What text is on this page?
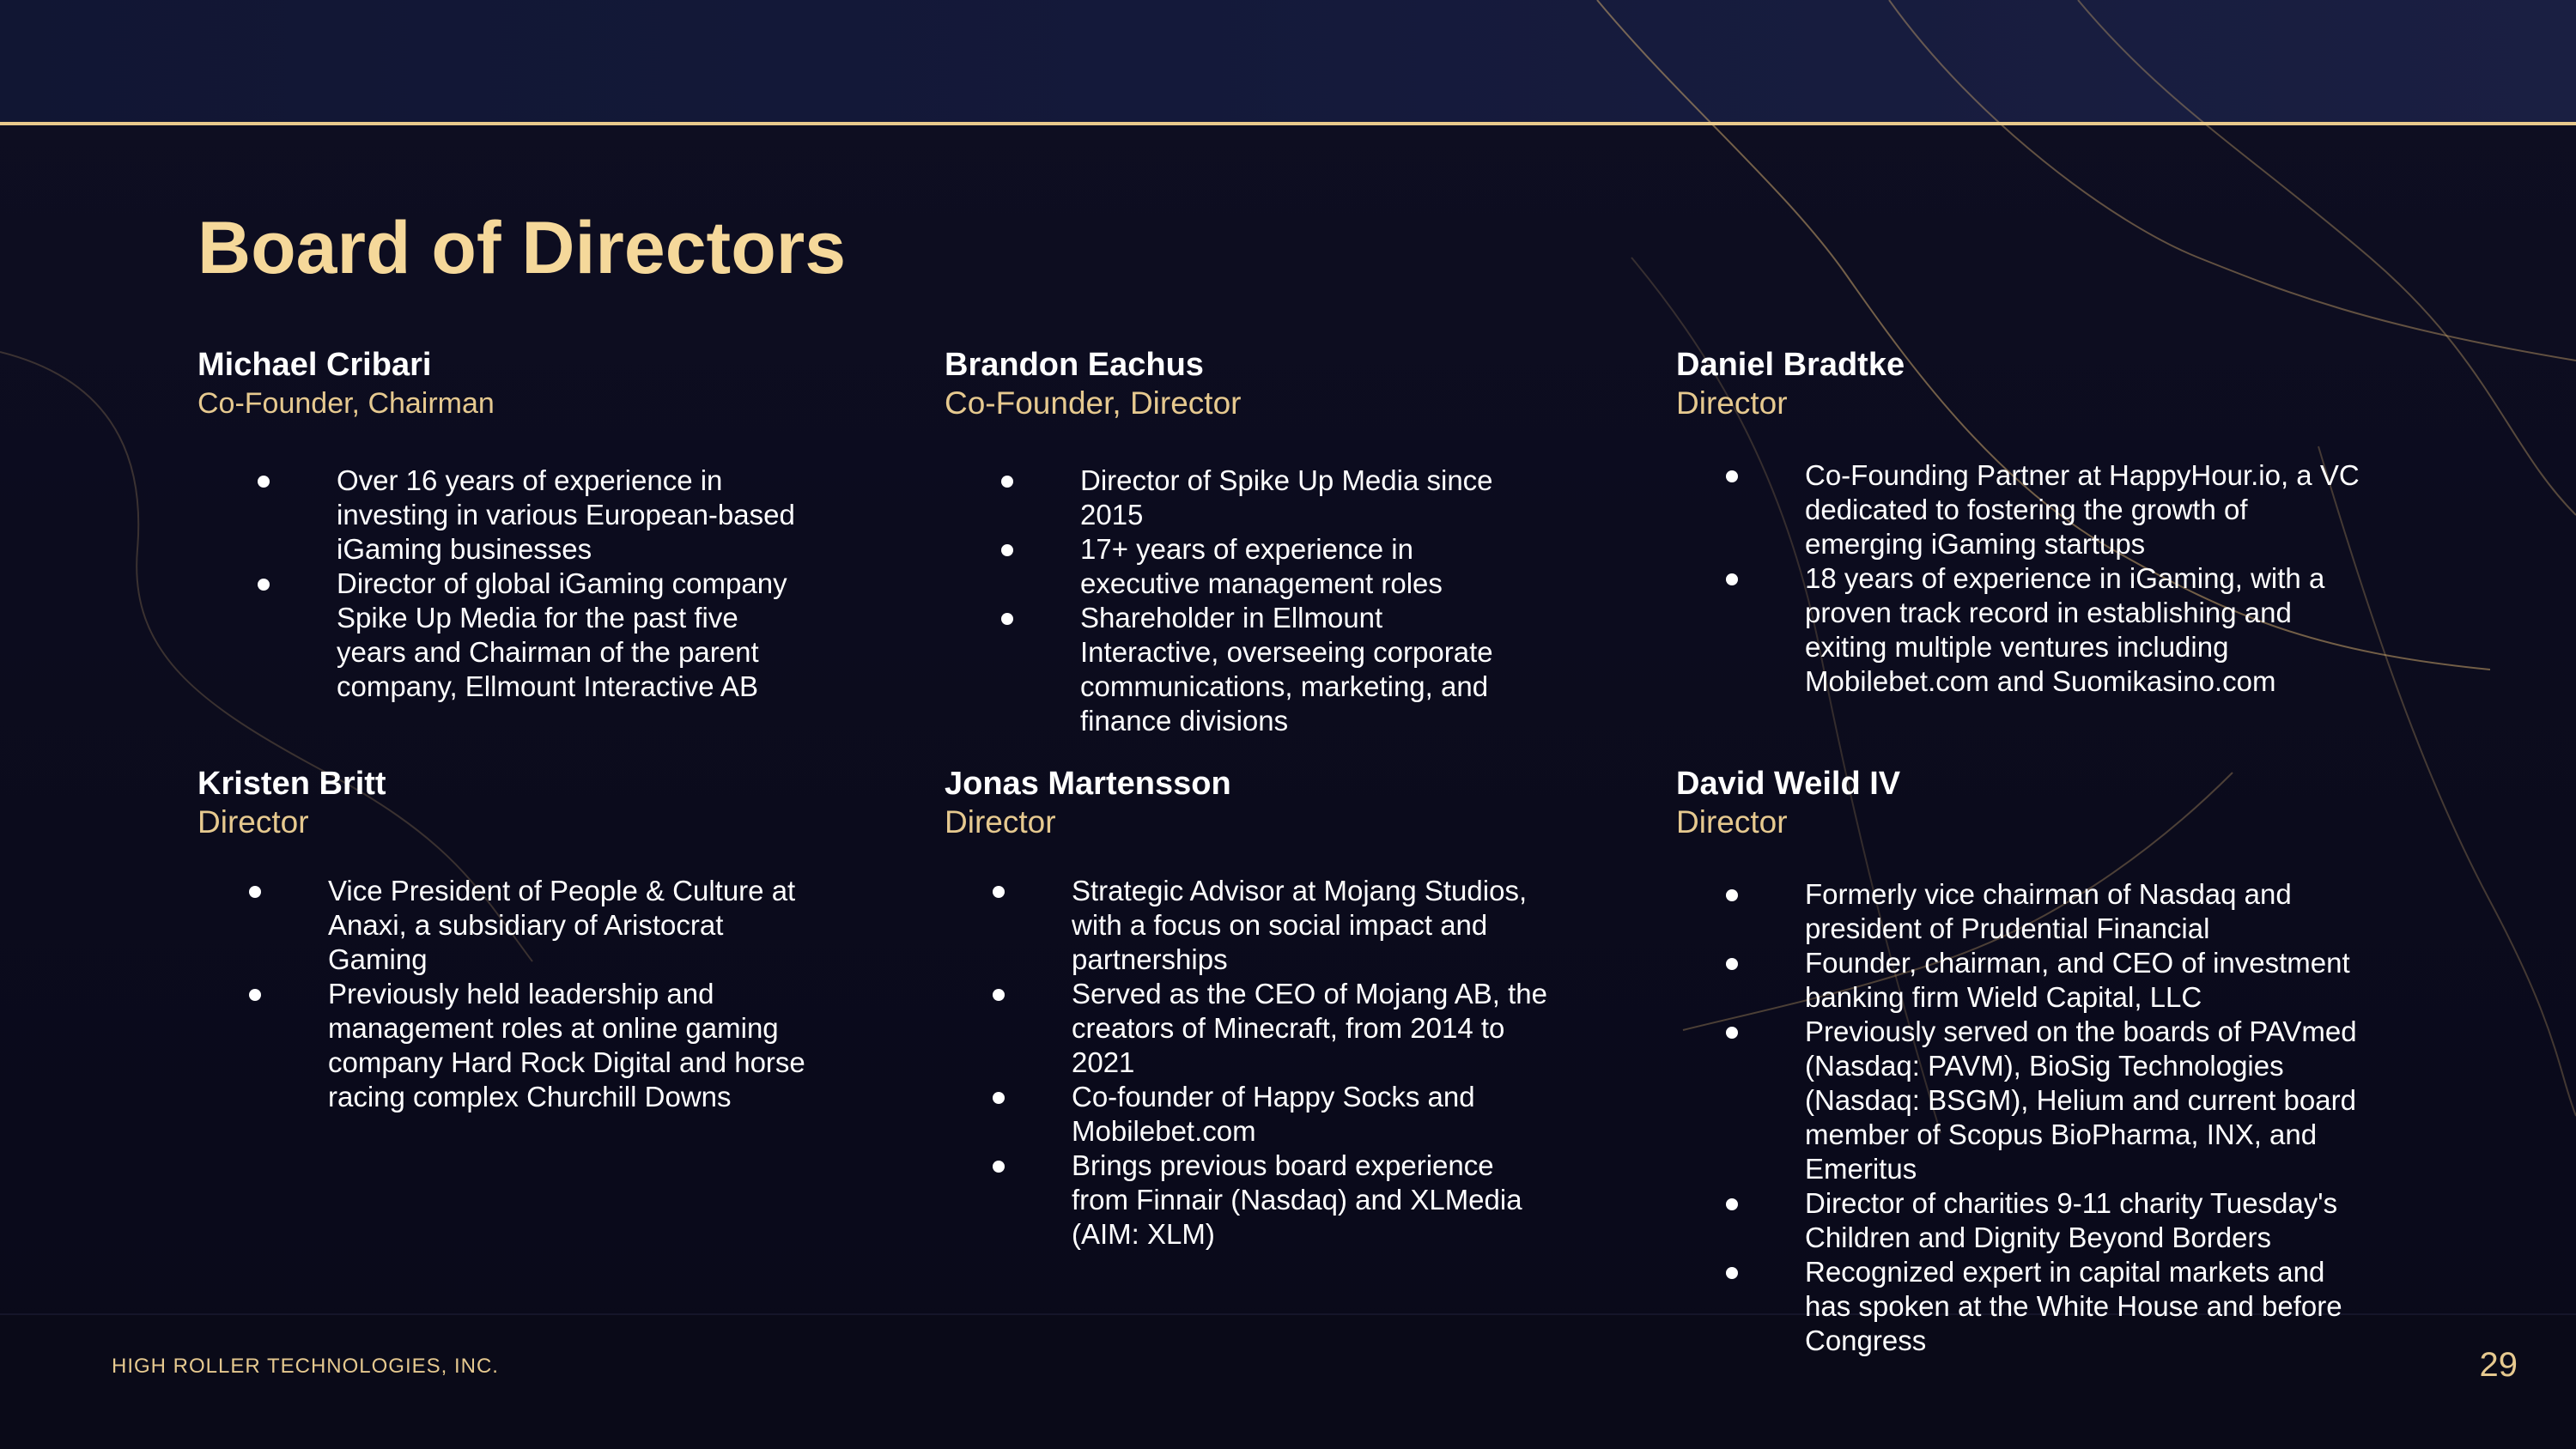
Board of Directors
Michael Cribari
Co-Founder, Chairman
Over 16 years of experience in
investing in various European-based
iGaming businesses
Director of global iGaming company
Spike Up Media for the past five
years and Chairman of the parent
company, Ellmount Interactive AB
Brandon Eachus
Co-Founder, Director
Director of Spike Up Media since
2015
17+ years of experience in
executive management roles
Shareholder in Ellmount
Interactive, overseeing corporate
communications, marketing, and
finance divisions
Daniel Bradtke
Director
Co-Founding Partner at HappyHour.io, a VC
dedicated to fostering the growth of
emerging iGaming startups
18 years of experience in iGaming, with a
proven track record in establishing and
exiting multiple ventures including
Mobilebet.com and Suomikasino.com
Kristen Britt
Director
Vice President of People & Culture at
Anaxi, a subsidiary of Aristocrat
Gaming
Previously held leadership and
management roles at online gaming
company Hard Rock Digital and horse
racing complex Churchill Downs
Jonas Martensson
Director
Strategic Advisor at Mojang Studios,
with a focus on social impact and
partnerships
Served as the CEO of Mojang AB, the
creators of Minecraft, from 2014 to
2021
Co-founder of Happy Socks and
Mobilebet.com
Brings previous board experience
from Finnair (Nasdaq) and XLMedia
(AIM: XLM)
David Weild IV
Director
Formerly vice chairman of Nasdaq and
president of Prudential Financial
Founder, chairman, and CEO of investment
banking firm Wield Capital, LLC
Previously served on the boards of PAVmed
(Nasdaq: PAVM), BioSig Technologies
(Nasdaq: BSGM), Helium and current board
member of Scopus BioPharma, INX, and
Emeritus
Director of charities 9-11 charity Tuesday's
Children and Dignity Beyond Borders
Recognized expert in capital markets and
has spoken at the White House and before
Congress
HIGH ROLLER TECHNOLOGIES, INC.	29
